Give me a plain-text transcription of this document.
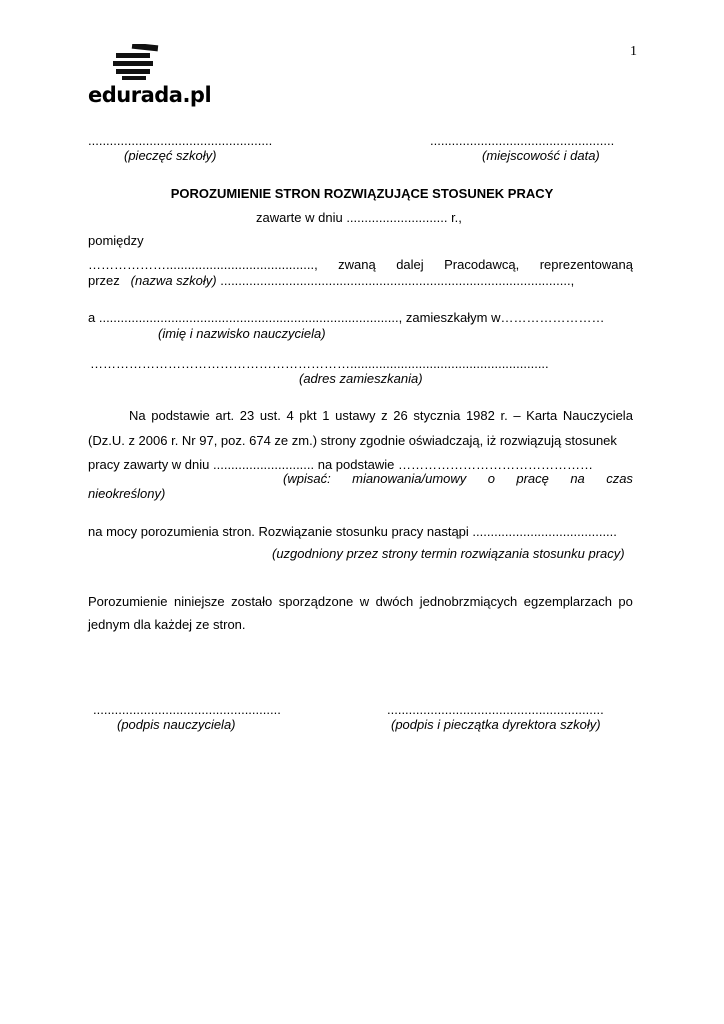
edurada.pl
1
...................................................
(pieczęć szkoły)
...................................................
(miejscowość i data)
POROZUMIENIE STRON ROZWIĄZUJĄCE STOSUNEK PRACY
zawarte w dniu ............................ r.,
pomiędzy
………………........................................., zwaną dalej Pracodawcą, reprezentowaną
przez (nazwa szkoły) .................................................................................................,
a ..................................................................................., zamieszkałym w……………………
(imię i nazwisko nauczyciela)
…………………………………………………….......................................................
(adres zamieszkania)
Na podstawie art. 23 ust. 4 pkt 1 ustawy z 26 stycznia 1982 r. – Karta Nauczyciela
(Dz.U. z 2006 r. Nr 97, poz. 674 ze zm.) strony zgodnie oświadczają, iż rozwiązują stosunek
pracy zawarty w dniu ............................ na podstawie ………………………………………
(wpisać: mianowania/umowy o pracę na czas
nieokreślony)
na mocy porozumienia stron. Rozwiązanie stosunku pracy nastąpi ........................................
(uzgodniony przez strony termin rozwiązania stosunku pracy)
Porozumienie niniejsze zostało sporządzone w dwóch jednobrzmiących egzemplarzach po
jednym dla każdej ze stron.
....................................................
(podpis nauczyciela)
............................................................
(podpis i pieczątka dyrektora szkoły)
